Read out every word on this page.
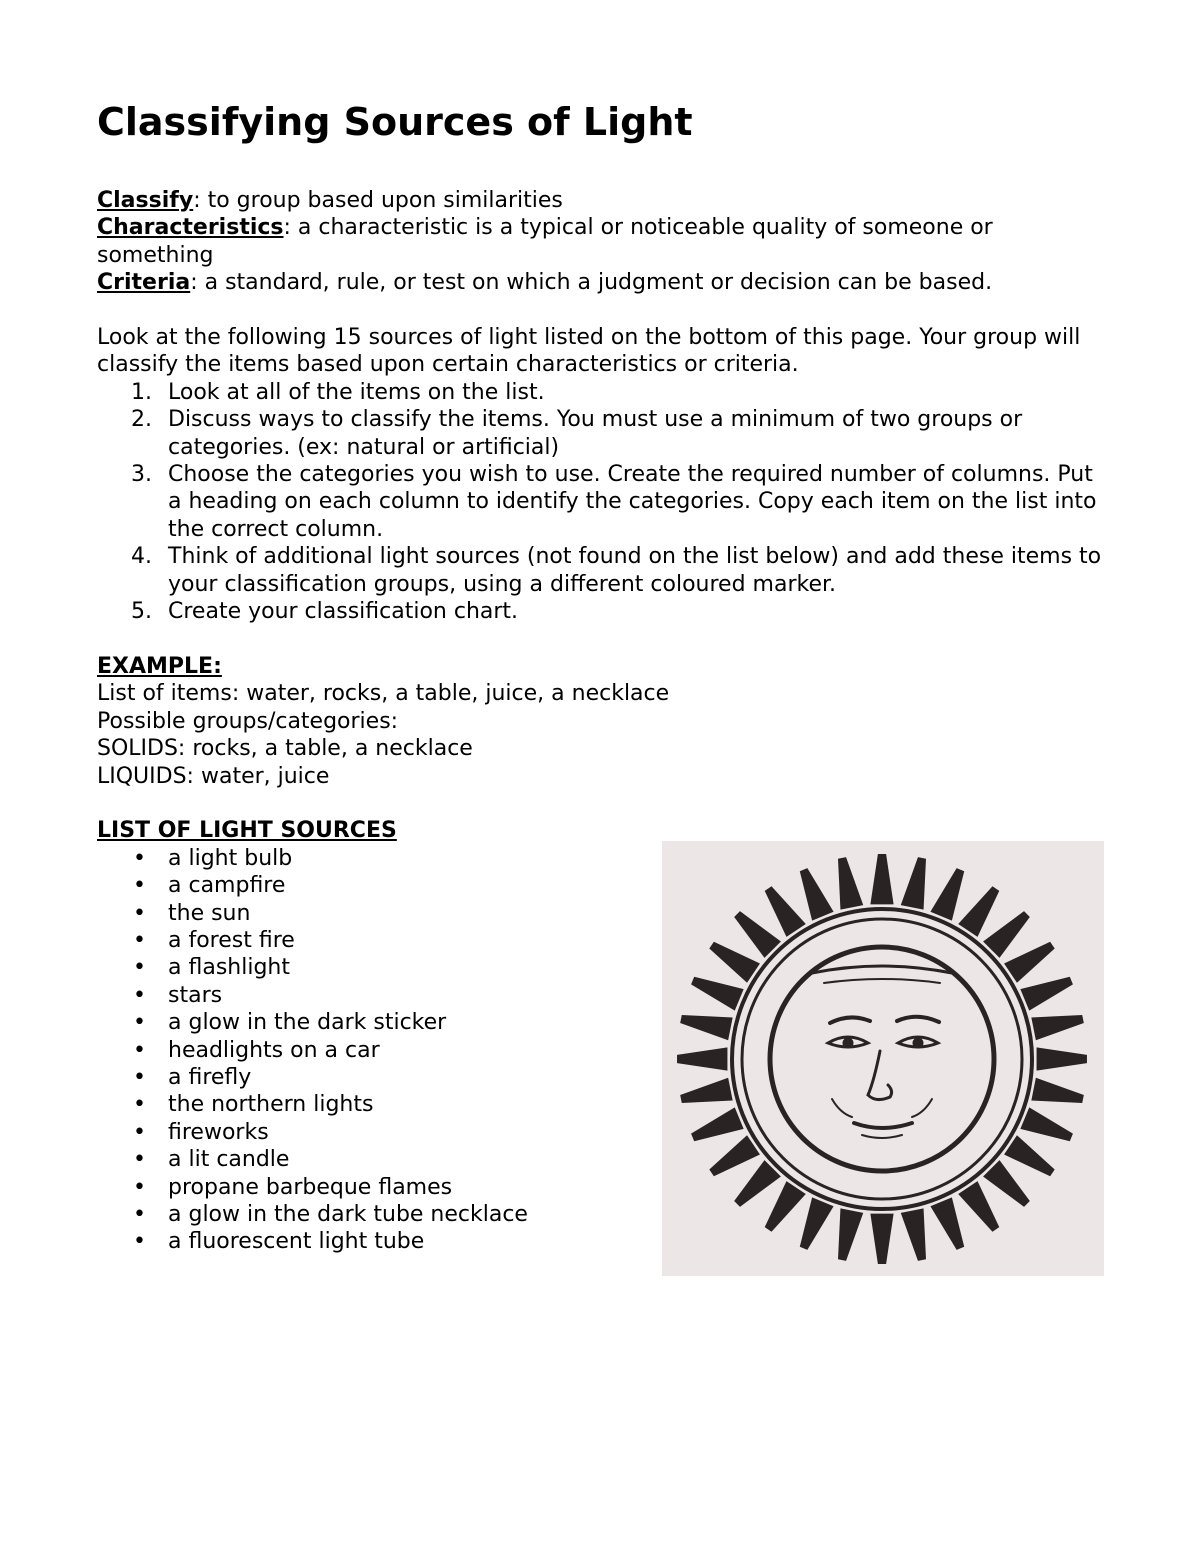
Classifying Sources of Light

Classify: to group based upon similarities

Characteristics: a characteristic is a typical or noticeable quality of someone or something

Criteria: a standard, rule, or test on which a judgment or decision can be based.

Look at the following 15 sources of light listed on the bottom of this page. Your group will classify the items based upon certain characteristics or criteria.

1. Look at all of the items on the list.
2. Discuss ways to classify the items. You must use a minimum of two groups or categories. (ex: natural or artificial)
3. Choose the categories you wish to use. Create the required number of columns. Put a heading on each column to identify the categories. Copy each item on the list into the correct column.
4. Think of additional light sources (not found on the list below) and add these items to your classification groups, using a different coloured marker.
5. Create your classification chart.

EXAMPLE:

List of items: water, rocks, a table, juice, a necklace

Possible groups/categories:

SOLIDS: rocks, a table, a necklace

LIQUIDS: water, juice

LIST OF LIGHT SOURCES

• a light bulb
• a campfire
• the sun
• a forest fire
• a flashlight
• stars
• a glow in the dark sticker
• headlights on a car
• a firefly
• the northern lights
• fireworks
• a lit candle
• propane barbeque flames
• a glow in the dark tube necklace
• a fluorescent light tube
